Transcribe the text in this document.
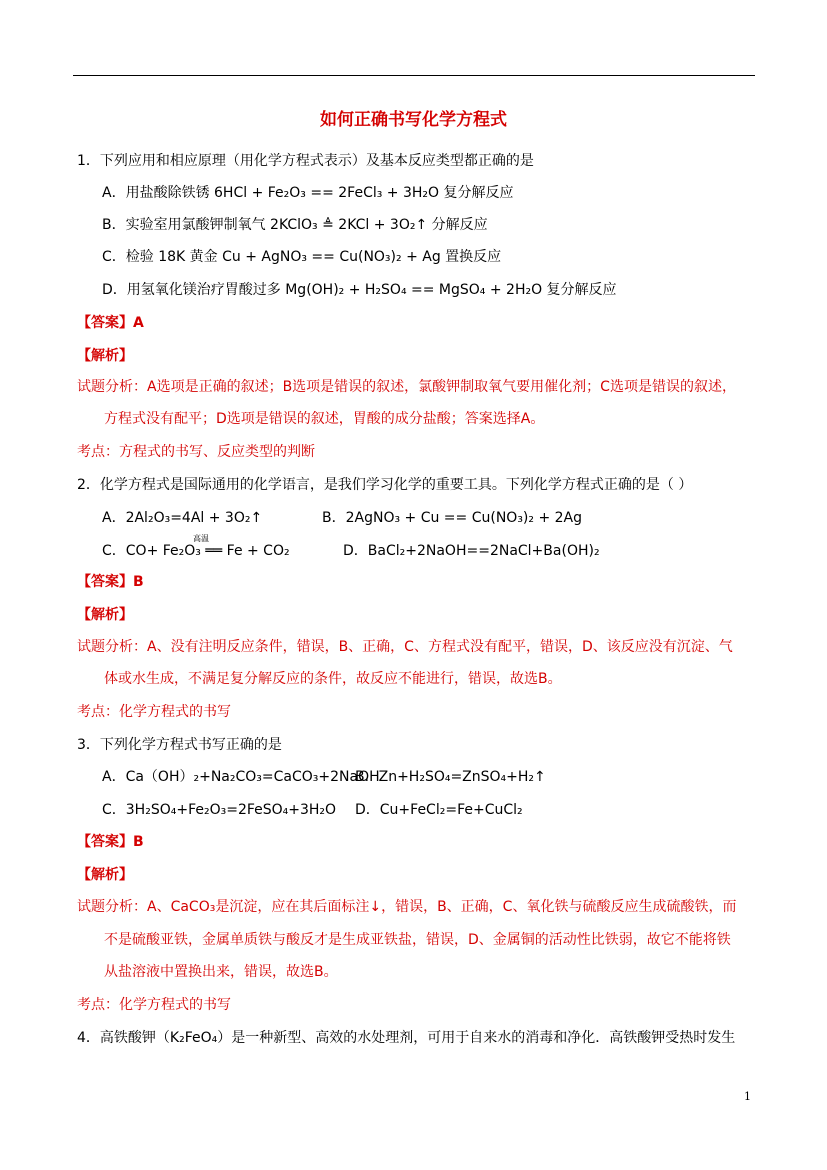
如何正确书写化学方程式
1．下列应用和相应原理（用化学方程式表示）及基本反应类型都正确的是
A．用盐酸除铁锈 6HCl + Fe₂O₃ == 2FeCl₃ + 3H₂O 复分解反应
B．实验室用氯酸钾制氧气 2KClO₃ ≜ 2KCl + 3O₂↑ 分解反应
C．检验 18K 黄金 Cu + AgNO₃ == Cu(NO₃)₂ + Ag 置换反应
D．用氢氧化镁治疗胃酸过多 Mg(OH)₂ + H₂SO₄ == MgSO₄ + 2H₂O 复分解反应
【答案】A
【解析】
试题分析：A选项是正确的叙述；B选项是错误的叙述，氯酸钾制取氧气要用催化剂；C选项是错误的叙述，
方程式没有配平；D选项是错误的叙述，胃酸的成分盐酸；答案选择A。
考点：方程式的书写、反应类型的判断
2．化学方程式是国际通用的化学语言，是我们学习化学的重要工具。下列化学方程式正确的是（ ）
A．2Al₂O₃=4Al + 3O₂↑	B．2AgNO₃ + Cu == Cu(NO₃)₂ + 2Ag
C．CO+ Fe₂O₃ ══ Fe + CO₂
高温
D．BaCl₂+2NaOH==2NaCl+Ba(OH)₂
【答案】B
【解析】
试题分析：A、没有注明反应条件，错误，B、正确，C、方程式没有配平，错误，D、该反应没有沉淀、气
体或水生成，不满足复分解反应的条件，故反应不能进行，错误，故选B。
考点：化学方程式的书写
3．下列化学方程式书写正确的是
A．Ca（OH）₂+Na₂CO₃=CaCO₃+2NaOH
B．Zn+H₂SO₄=ZnSO₄+H₂↑
C．3H₂SO₄+Fe₂O₃=2FeSO₄+3H₂O D．Cu+FeCl₂=Fe+CuCl₂
【答案】B
【解析】
试题分析：A、CaCO₃是沉淀，应在其后面标注↓，错误，B、正确，C、氧化铁与硫酸反应生成硫酸铁，而
不是硫酸亚铁，金属单质铁与酸反才是生成亚铁盐，错误，D、金属铜的活动性比铁弱，故它不能将铁
从盐溶液中置换出来，错误，故选B。
考点：化学方程式的书写
4．高铁酸钾（K₂FeO₄）是一种新型、高效的水处理剂，可用于自来水的消毒和净化．高铁酸钾受热时发生
1
